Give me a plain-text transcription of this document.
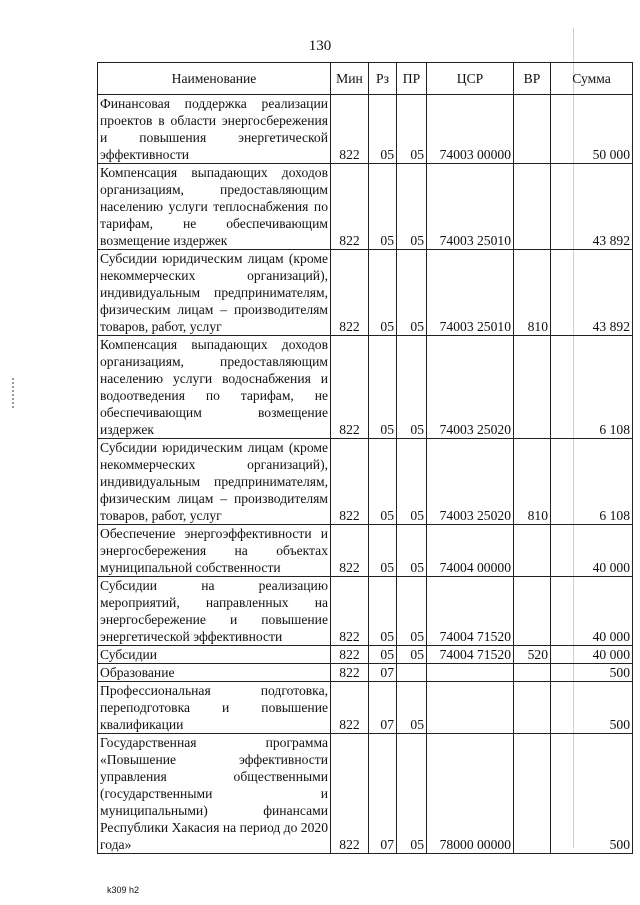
130
Наименование	Мин	Рз	ПР	ЦСР	ВР	Сумма
Финансовая поддержка реализации проектов в области энергосбережения и повышения энергетической эффективности	822	05	05	74003 00000		50 000
Компенсация выпадающих доходов организациям, предоставляющим населению услуги теплоснабжения по тарифам, не обеспечивающим возмещение издержек	822	05	05	74003 25010		43 892
Субсидии юридическим лицам (кроме некоммерческих организаций), индивидуальным предпринимателям, физическим лицам – производителям товаров, работ, услуг	822	05	05	74003 25010	810	43 892
Компенсация выпадающих доходов организациям, предоставляющим населению услуги водоснабжения и водоотведения по тарифам, не обеспечивающим возмещение издержек	822	05	05	74003 25020		6 108
Субсидии юридическим лицам (кроме некоммерческих организаций), индивидуальным предпринимателям, физическим лицам – производителям товаров, работ, услуг	822	05	05	74003 25020	810	6 108
Обеспечение энергоэффективности и энергосбережения на объектах муниципальной собственности	822	05	05	74004 00000		40 000
Субсидии на реализацию мероприятий, направленных на энергосбережение и повышение энергетической эффективности	822	05	05	74004 71520		40 000
Субсидии	822	05	05	74004 71520	520	40 000
Образование	822	07				500
Профессиональная подготовка, переподготовка и повышение квалификации	822	07	05			500
Государственная программа «Повышение эффективности управления общественными (государственными и муниципальными) финансами Республики Хакасия на период до 2020 года»	822	07	05	78000 00000		500
k309 h2
